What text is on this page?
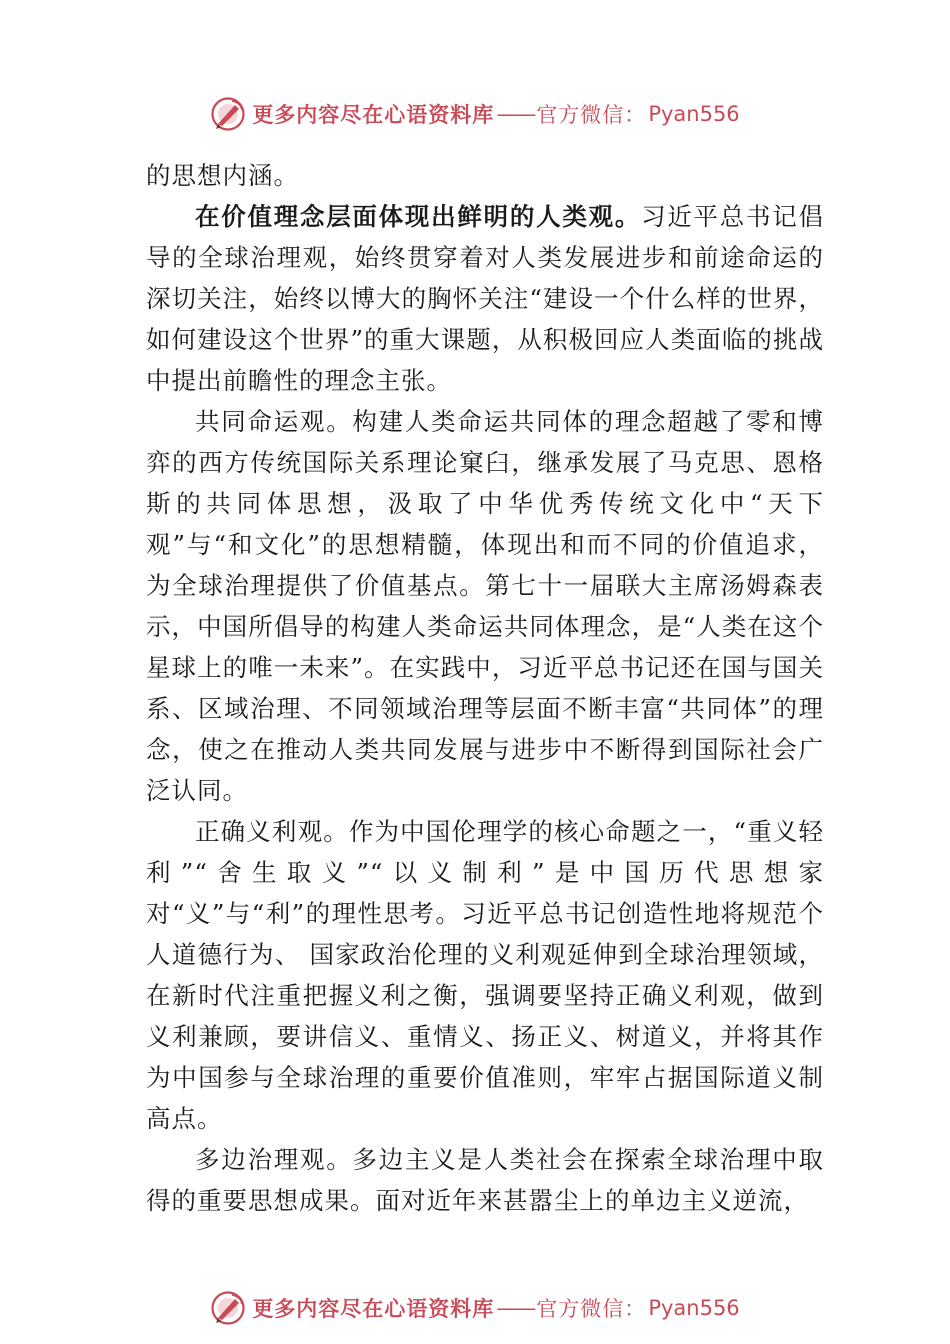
更多内容尽在心语资料库 —— 官方微信： Pyan556

的思想内涵。

在价值理念层面体现出鲜明的人类观。习近平总书记倡导的全球治理观，始终贯穿着对人类发展进步和前途命运的深切关注，始终以博大的胸怀关注“建设一个什么样的世界，如何建设这个世界”的重大课题，从积极回应人类面临的挑战中提出前瞻性的理念主张。

共同命运观。构建人类命运共同体的理念超越了零和博弈的西方传统国际关系理论窠臼，继承发展了马克思、恩格斯的共同体思想，汲取了中华优秀传统文化中“天下观”与“和文化”的思想精髓，体现出和而不同的价值追求，为全球治理提供了价值基点。第七十一届联大主席汤姆森表示，中国所倡导的构建人类命运共同体理念，是“人类在这个星球上的唯一未来”。在实践中，习近平总书记还在国与国关系、区域治理、不同领域治理等层面不断丰富“共同体”的理念，使之在推动人类共同发展与进步中不断得到国际社会广泛认同。

正确义利观。作为中国伦理学的核心命题之一，“重义轻利”“舍生取义”“以义制利”是中国历代思想家对“义”与“利”的理性思考。习近平总书记创造性地将规范个人道德行为、 国家政治伦理的义利观延伸到全球治理领域，在新时代注重把握义利之衡，强调要坚持正确义利观，做到义利兼顾，要讲信义、重情义、扬正义、树道义，并将其作为中国参与全球治理的重要价值准则，牢牢占据国际道义制高点。

多边治理观。多边主义是人类社会在探索全球治理中取得的重要思想成果。面对近年来甚嚣尘上的单边主义逆流，

更多内容尽在心语资料库 —— 官方微信： Pyan556
